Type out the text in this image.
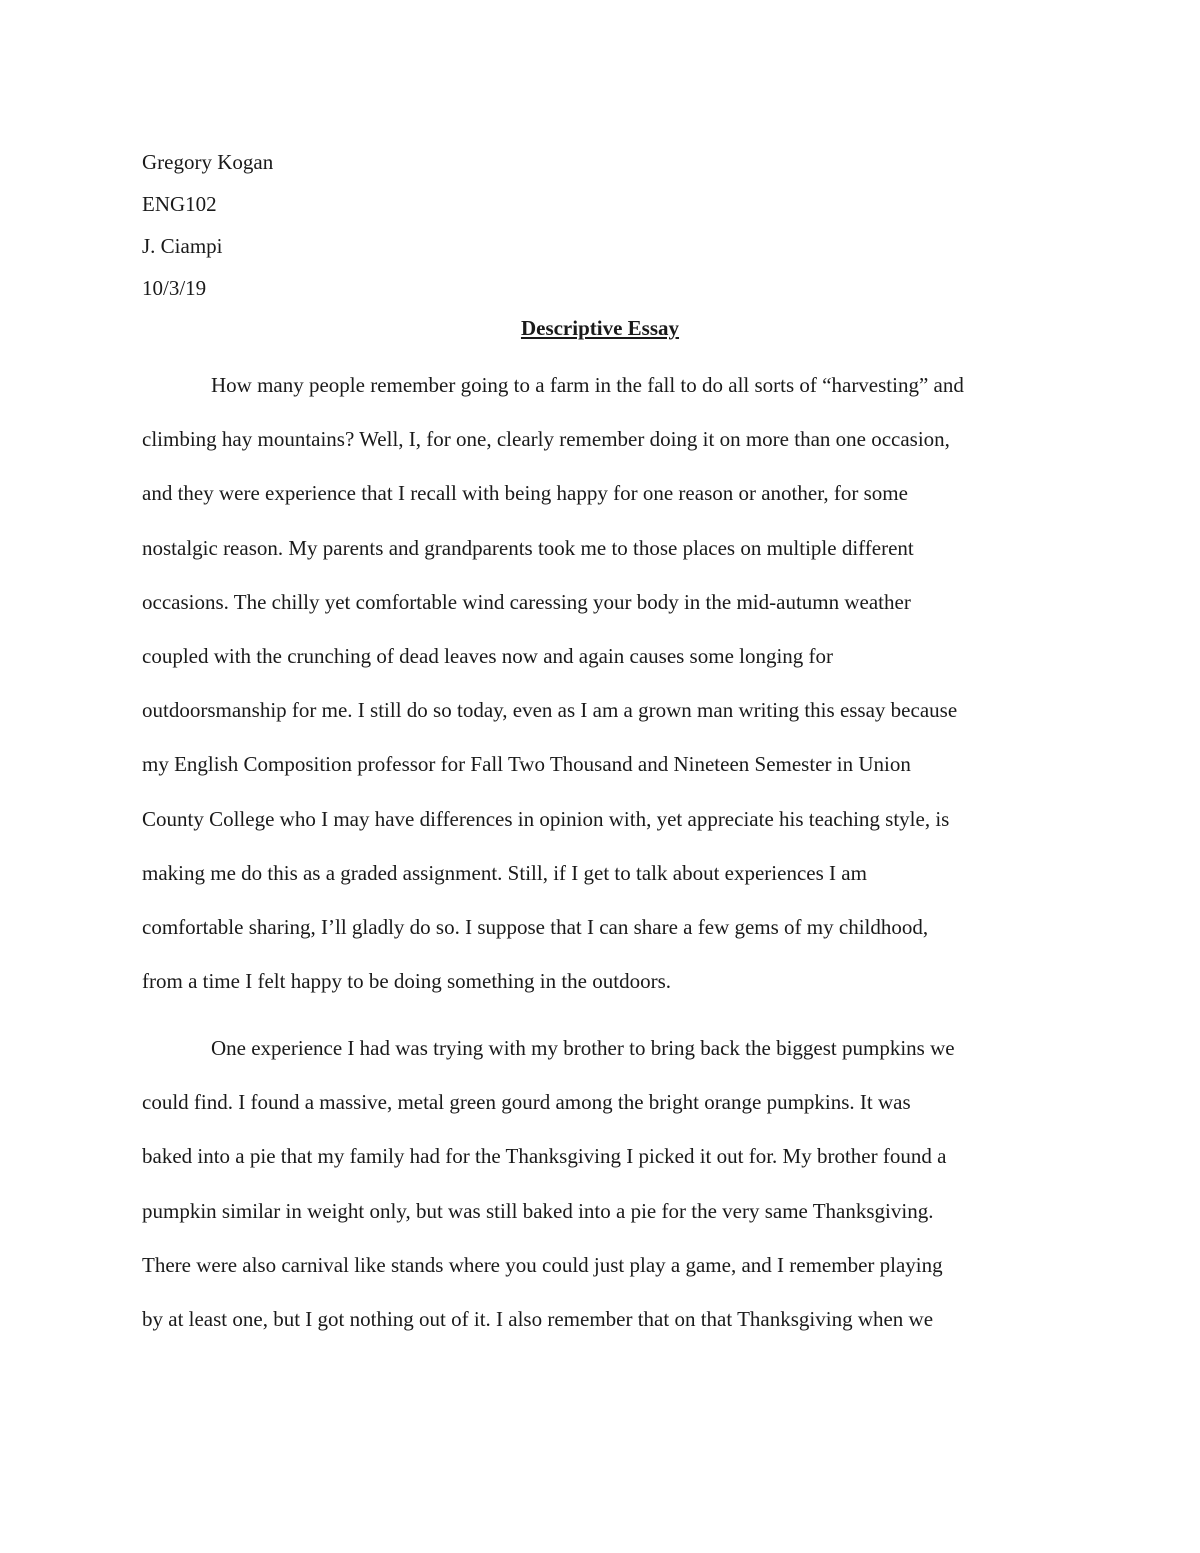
Gregory Kogan
ENG102
J. Ciampi
10/3/19
Descriptive Essay
How many people remember going to a farm in the fall to do all sorts of “harvesting” and
climbing hay mountains? Well, I, for one, clearly remember doing it on more than one occasion,
and they were experience that I recall with being happy for one reason or another, for some
nostalgic reason. My parents and grandparents took me to those places on multiple different
occasions. The chilly yet comfortable wind caressing your body in the mid-autumn weather
coupled with the crunching of dead leaves now and again causes some longing for
outdoorsmanship for me. I still do so today, even as I am a grown man writing this essay because
my English Composition professor for Fall Two Thousand and Nineteen Semester in Union
County College who I may have differences in opinion with, yet appreciate his teaching style, is
making me do this as a graded assignment. Still, if I get to talk about experiences I am
comfortable sharing, I’ll gladly do so. I suppose that I can share a few gems of my childhood,
from a time I felt happy to be doing something in the outdoors.
One experience I had was trying with my brother to bring back the biggest pumpkins we
could find. I found a massive, metal green gourd among the bright orange pumpkins. It was
baked into a pie that my family had for the Thanksgiving I picked it out for. My brother found a
pumpkin similar in weight only, but was still baked into a pie for the very same Thanksgiving.
There were also carnival like stands where you could just play a game, and I remember playing
by at least one, but I got nothing out of it. I also remember that on that Thanksgiving when we
